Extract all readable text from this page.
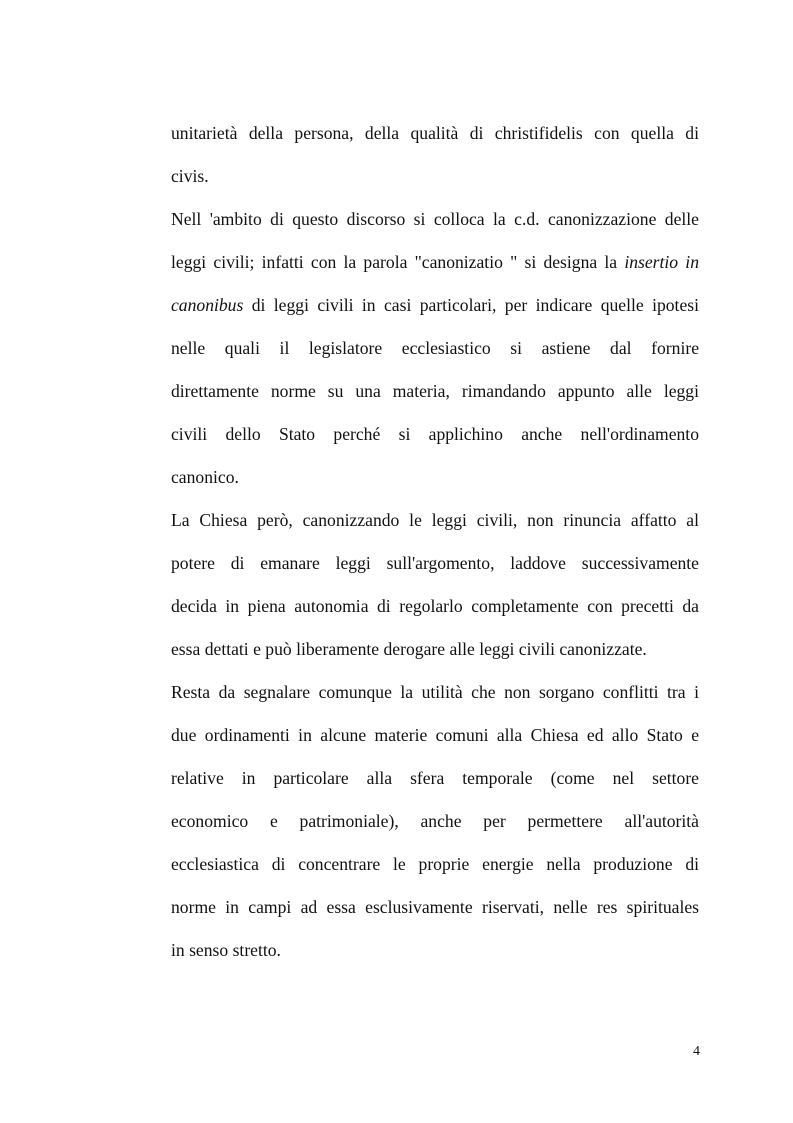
unitarietà della persona, della qualità di christifidelis con quella di
civis.
Nell 'ambito di questo discorso si colloca la c.d. canonizzazione delle
leggi civili; infatti con la parola "canonizatio " si designa la insertio in
canonibus di leggi civili in casi particolari, per indicare quelle ipotesi
nelle quali il legislatore ecclesiastico si astiene dal fornire
direttamente norme su una materia, rimandando appunto alle leggi
civili dello Stato perché si applichino anche nell'ordinamento
canonico.
La Chiesa però, canonizzando le leggi civili, non rinuncia affatto al
potere di emanare leggi sull'argomento, laddove successivamente
decida in piena autonomia di regolarlo completamente con precetti da
essa dettati e può liberamente derogare alle leggi civili canonizzate.
Resta da segnalare comunque la utilità che non sorgano conflitti tra i
due ordinamenti in alcune materie comuni alla Chiesa ed allo Stato e
relative in particolare alla sfera temporale (come nel settore
economico e patrimoniale), anche per permettere all'autorità
ecclesiastica di concentrare le proprie energie nella produzione di
norme in campi ad essa esclusivamente riservati, nelle res spirituales
in senso stretto.
4
